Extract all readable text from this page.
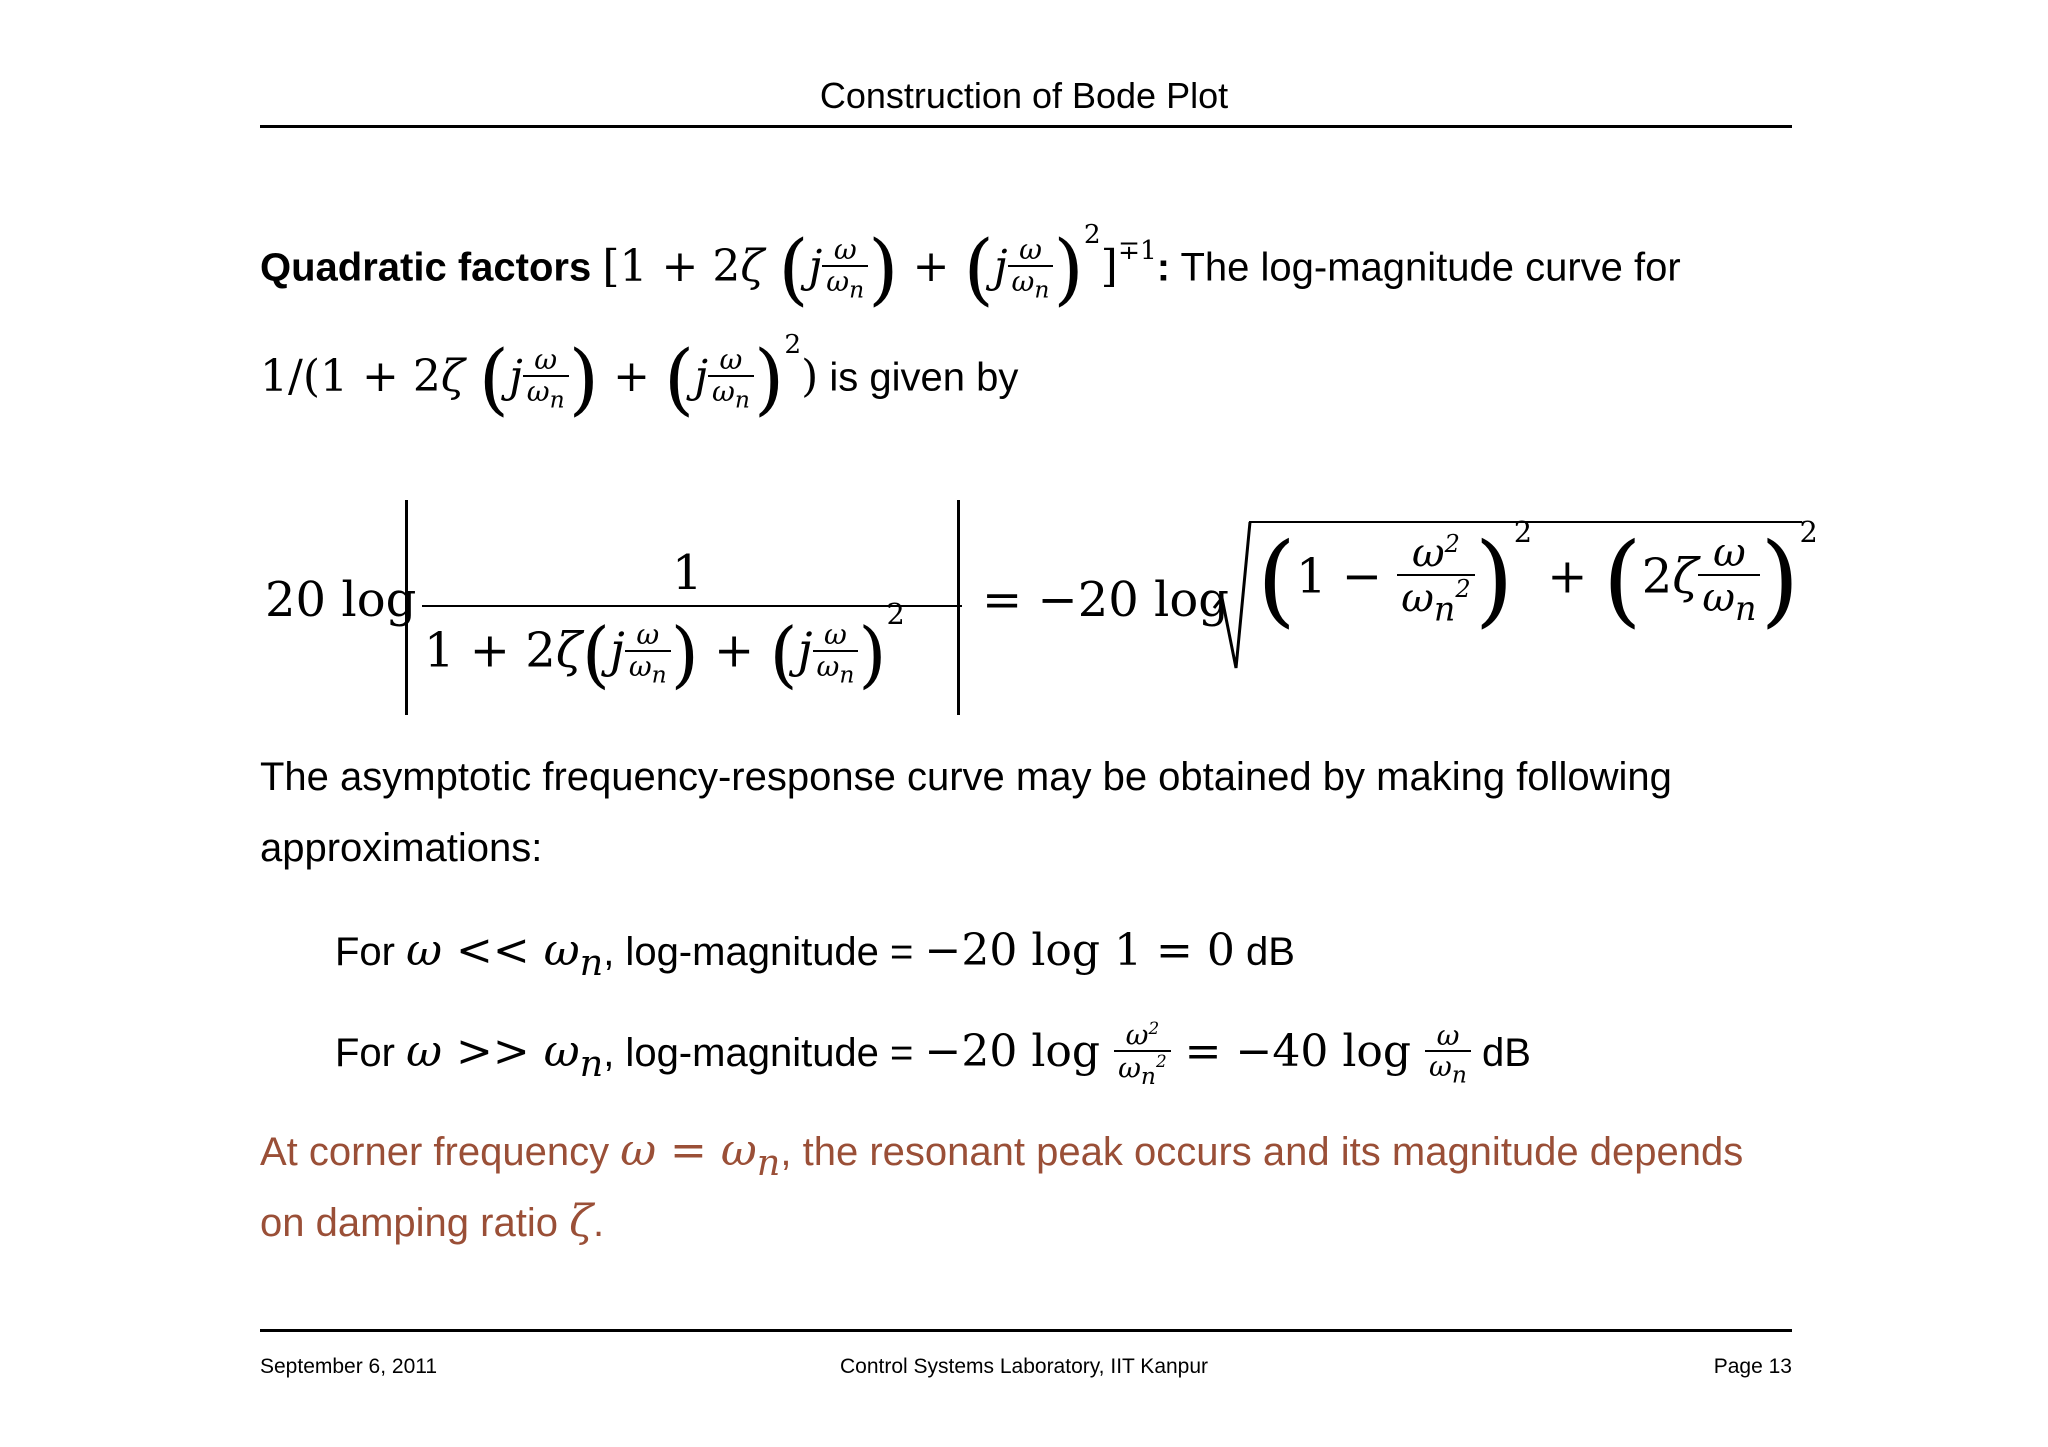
Construction of Bode Plot
Quadratic factors [1 + 2ζ ($j \frac{\omega}{\omega_n}$ ) + $(j \frac{\omega}{\omega_n} )^2]^{\mp 1}$: The log-magnitude curve for
1/(1 + 2ζ ($j \frac{\omega}{\omega_n}$ ) + $(j \frac{\omega}{\omega_n} )^2$) is given by
20 log	1
$1 + 2\zeta(j \frac{\omega}{\omega_n}$ ) + $(j \frac{\omega}{\omega_n} )^2 = -20$ $\log (1 - \frac{\omega^2}{\omega_n^2} )^2 + (2\zeta \frac{\omega}{\omega_n} )^2$
The asymptotic frequency-response curve may be obtained by making following
approximations:
For $\omega << \omega_n$, log-magnitude = −20 log 1 = 0 dB
For $\omega >> \omega_n$, log-magnitude = −20 $\log \frac{\omega^2}{\omega_n^2} = -40$ $\log \frac{\omega}{\omega_n}$ dB
At corner frequency $\omega = \omega_n$, the resonant peak occurs and its magnitude depends
on damping ratio ζ.
September 6, 2011	Control Systems Laboratory, IIT Kanpur	Page 13
